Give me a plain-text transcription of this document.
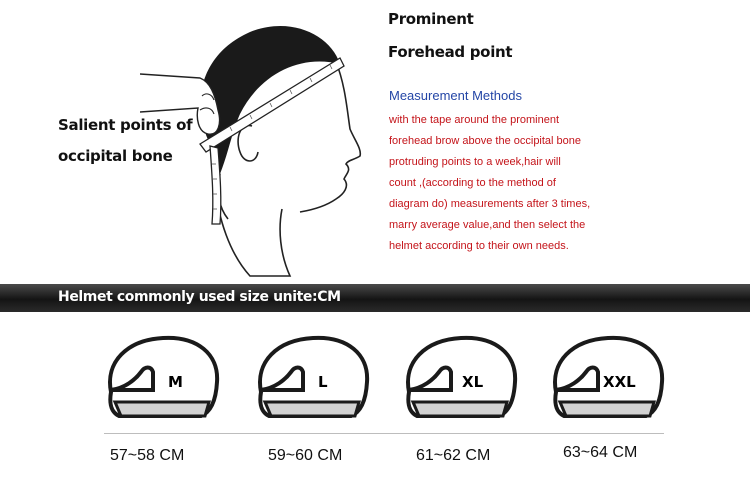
Salient points of
occipital bone
Prominent
Forehead point
Measurement Methods
with the tape around the prominent
forehead brow above the occipital bone
protruding points to a week,hair will
count ,(according to the method of
diagram do) measurements after 3 times,
marry average value,and then select the
helmet according to their own needs.
Helmet commonly used size unite:CM
M	L	XL	XXL
57~58 CM	59~60 CM	61~62 CM	63~64 CM
